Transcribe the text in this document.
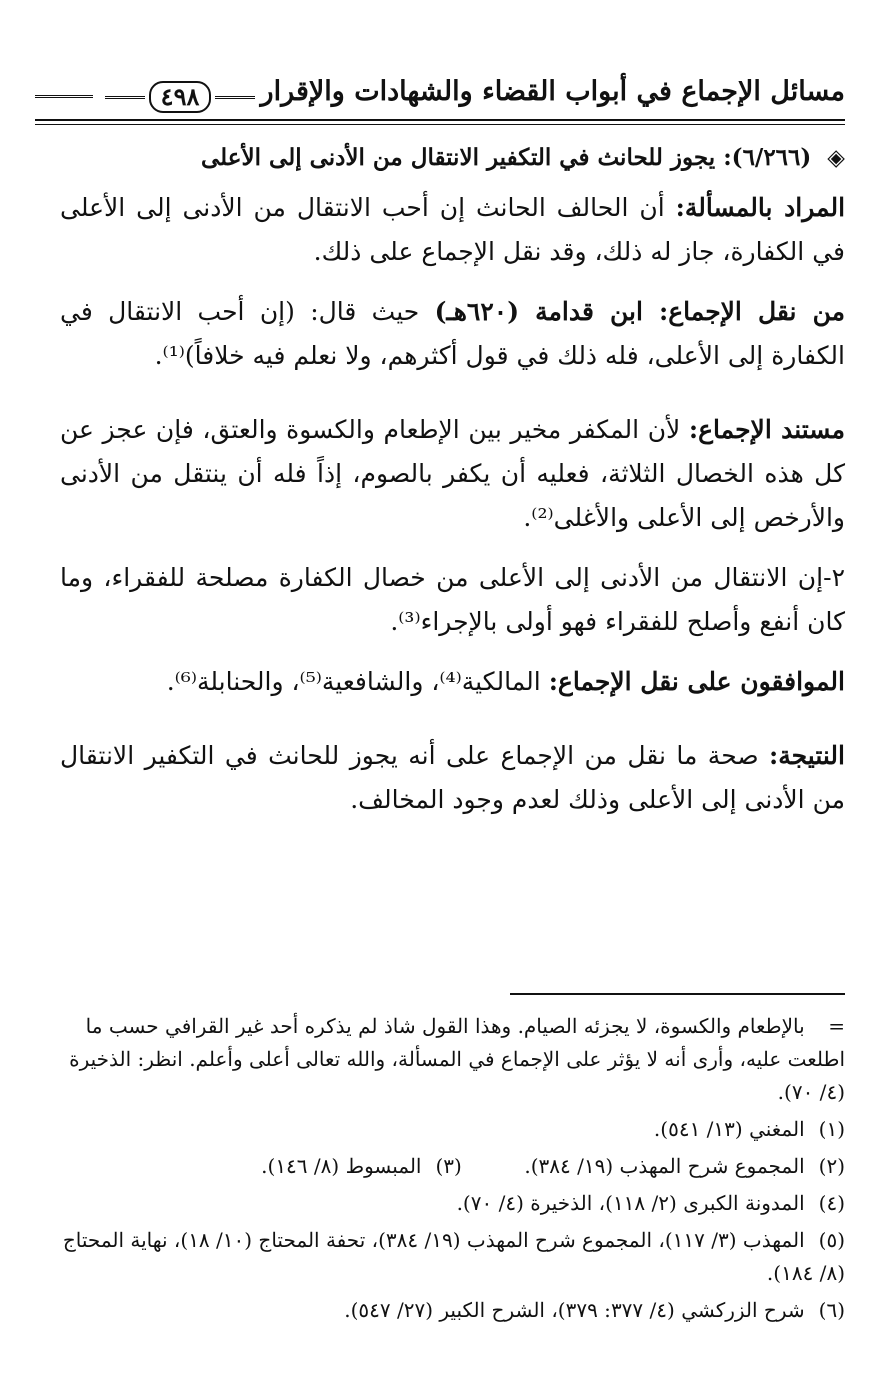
مسائل الإجماع في أبواب القضاء والشهادات والإقرار
٤٩٨

◈ (٦/٢٦٦): يجوز للحانث في التكفير الانتقال من الأدنى إلى الأعلى

المراد بالمسألة: أن الحالف الحانث إن أحب الانتقال من الأدنى إلى الأعلى في الكفارة، جاز له ذلك، وقد نقل الإجماع على ذلك.

من نقل الإجماع: ابن قدامة (٦٢٠هـ) حيث قال: (إن أحب الانتقال في الكفارة إلى الأعلى، فله ذلك في قول أكثرهم، ولا نعلم فيه خلافاً)⁽¹⁾.

مستند الإجماع: لأن المكفر مخير بين الإطعام والكسوة والعتق، فإن عجز عن كل هذه الخصال الثلاثة، فعليه أن يكفر بالصوم، إذاً فله أن ينتقل من الأدنى والأرخص إلى الأعلى والأغلى⁽²⁾.

٢-إن الانتقال من الأدنى إلى الأعلى من خصال الكفارة مصلحة للفقراء، وما كان أنفع وأصلح للفقراء فهو أولى بالإجراء⁽³⁾.

الموافقون على نقل الإجماع: المالكية⁽⁴⁾، والشافعية⁽⁵⁾، والحنابلة⁽⁶⁾.

النتيجة: صحة ما نقل من الإجماع على أنه يجوز للحانث في التكفير الانتقال من الأدنى إلى الأعلى وذلك لعدم وجود المخالف.

= بالإطعام والكسوة، لا يجزئه الصيام. وهذا القول شاذ لم يذكره أحد غير القرافي حسب ما اطلعت عليه، وأرى أنه لا يؤثر على الإجماع في المسألة، والله تعالى أعلى وأعلم. انظر: الذخيرة (٤/ ٧٠).

(١) المغني (١٣/ ٥٤١).

(٢) المجموع شرح المهذب (١٩/ ٣٨٤). (٣) المبسوط (٨/ ١٤٦).

(٤) المدونة الكبرى (٢/ ١١٨)، الذخيرة (٤/ ٧٠).

(٥) المهذب (٣/ ١١٧)، المجموع شرح المهذب (١٩/ ٣٨٤)، تحفة المحتاج (١٠/ ١٨)، نهاية المحتاج (٨/ ١٨٤).

(٦) شرح الزركشي (٤/ ٣٧٧: ٣٧٩)، الشرح الكبير (٢٧/ ٥٤٧).
